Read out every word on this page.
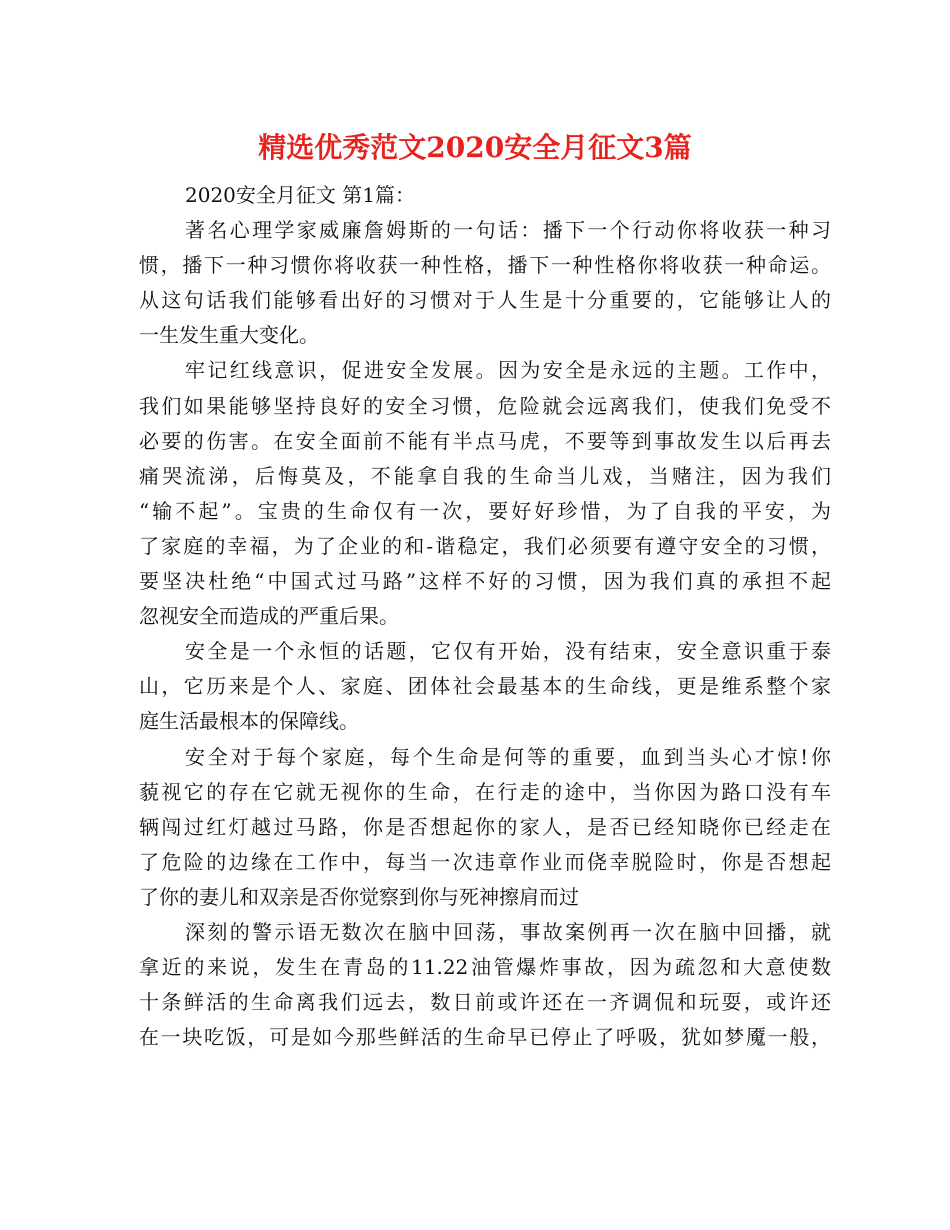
精选优秀范文2020安全月征文3篇
2020安全月征文 第1篇：
著名心理学家威廉詹姆斯的一句话：播下一个行动你将收获一种习
惯，播下一种习惯你将收获一种性格，播下一种性格你将收获一种命运。
从这句话我们能够看出好的习惯对于人生是十分重要的，它能够让人的
一生发生重大变化。
牢记红线意识，促进安全发展。因为安全是永远的主题。工作中，
我们如果能够坚持良好的安全习惯，危险就会远离我们，使我们免受不
必要的伤害。在安全面前不能有半点马虎，不要等到事故发生以后再去
痛哭流涕，后悔莫及，不能拿自我的生命当儿戏，当赌注，因为我们
“输不起”。宝贵的生命仅有一次，要好好珍惜，为了自我的平安，为
了家庭的幸福，为了企业的和-谐稳定，我们必须要有遵守安全的习惯，
要坚决杜绝“中国式过马路”这样不好的习惯，因为我们真的承担不起
忽视安全而造成的严重后果。
安全是一个永恒的话题，它仅有开始，没有结束，安全意识重于泰
山，它历来是个人、家庭、团体社会最基本的生命线，更是维系整个家
庭生活最根本的保障线。
安全对于每个家庭，每个生命是何等的重要，血到当头心才惊!你
藐视它的存在它就无视你的生命，在行走的途中，当你因为路口没有车
辆闯过红灯越过马路，你是否想起你的家人，是否已经知晓你已经走在
了危险的边缘在工作中，每当一次违章作业而侥幸脱险时，你是否想起
了你的妻儿和双亲是否你觉察到你与死神擦肩而过
深刻的警示语无数次在脑中回荡，事故案例再一次在脑中回播，就
拿近的来说，发生在青岛的11.22油管爆炸事故，因为疏忽和大意使数
十条鲜活的生命离我们远去，数日前或许还在一齐调侃和玩耍，或许还
在一块吃饭，可是如今那些鲜活的生命早已停止了呼吸，犹如梦魇一般，
